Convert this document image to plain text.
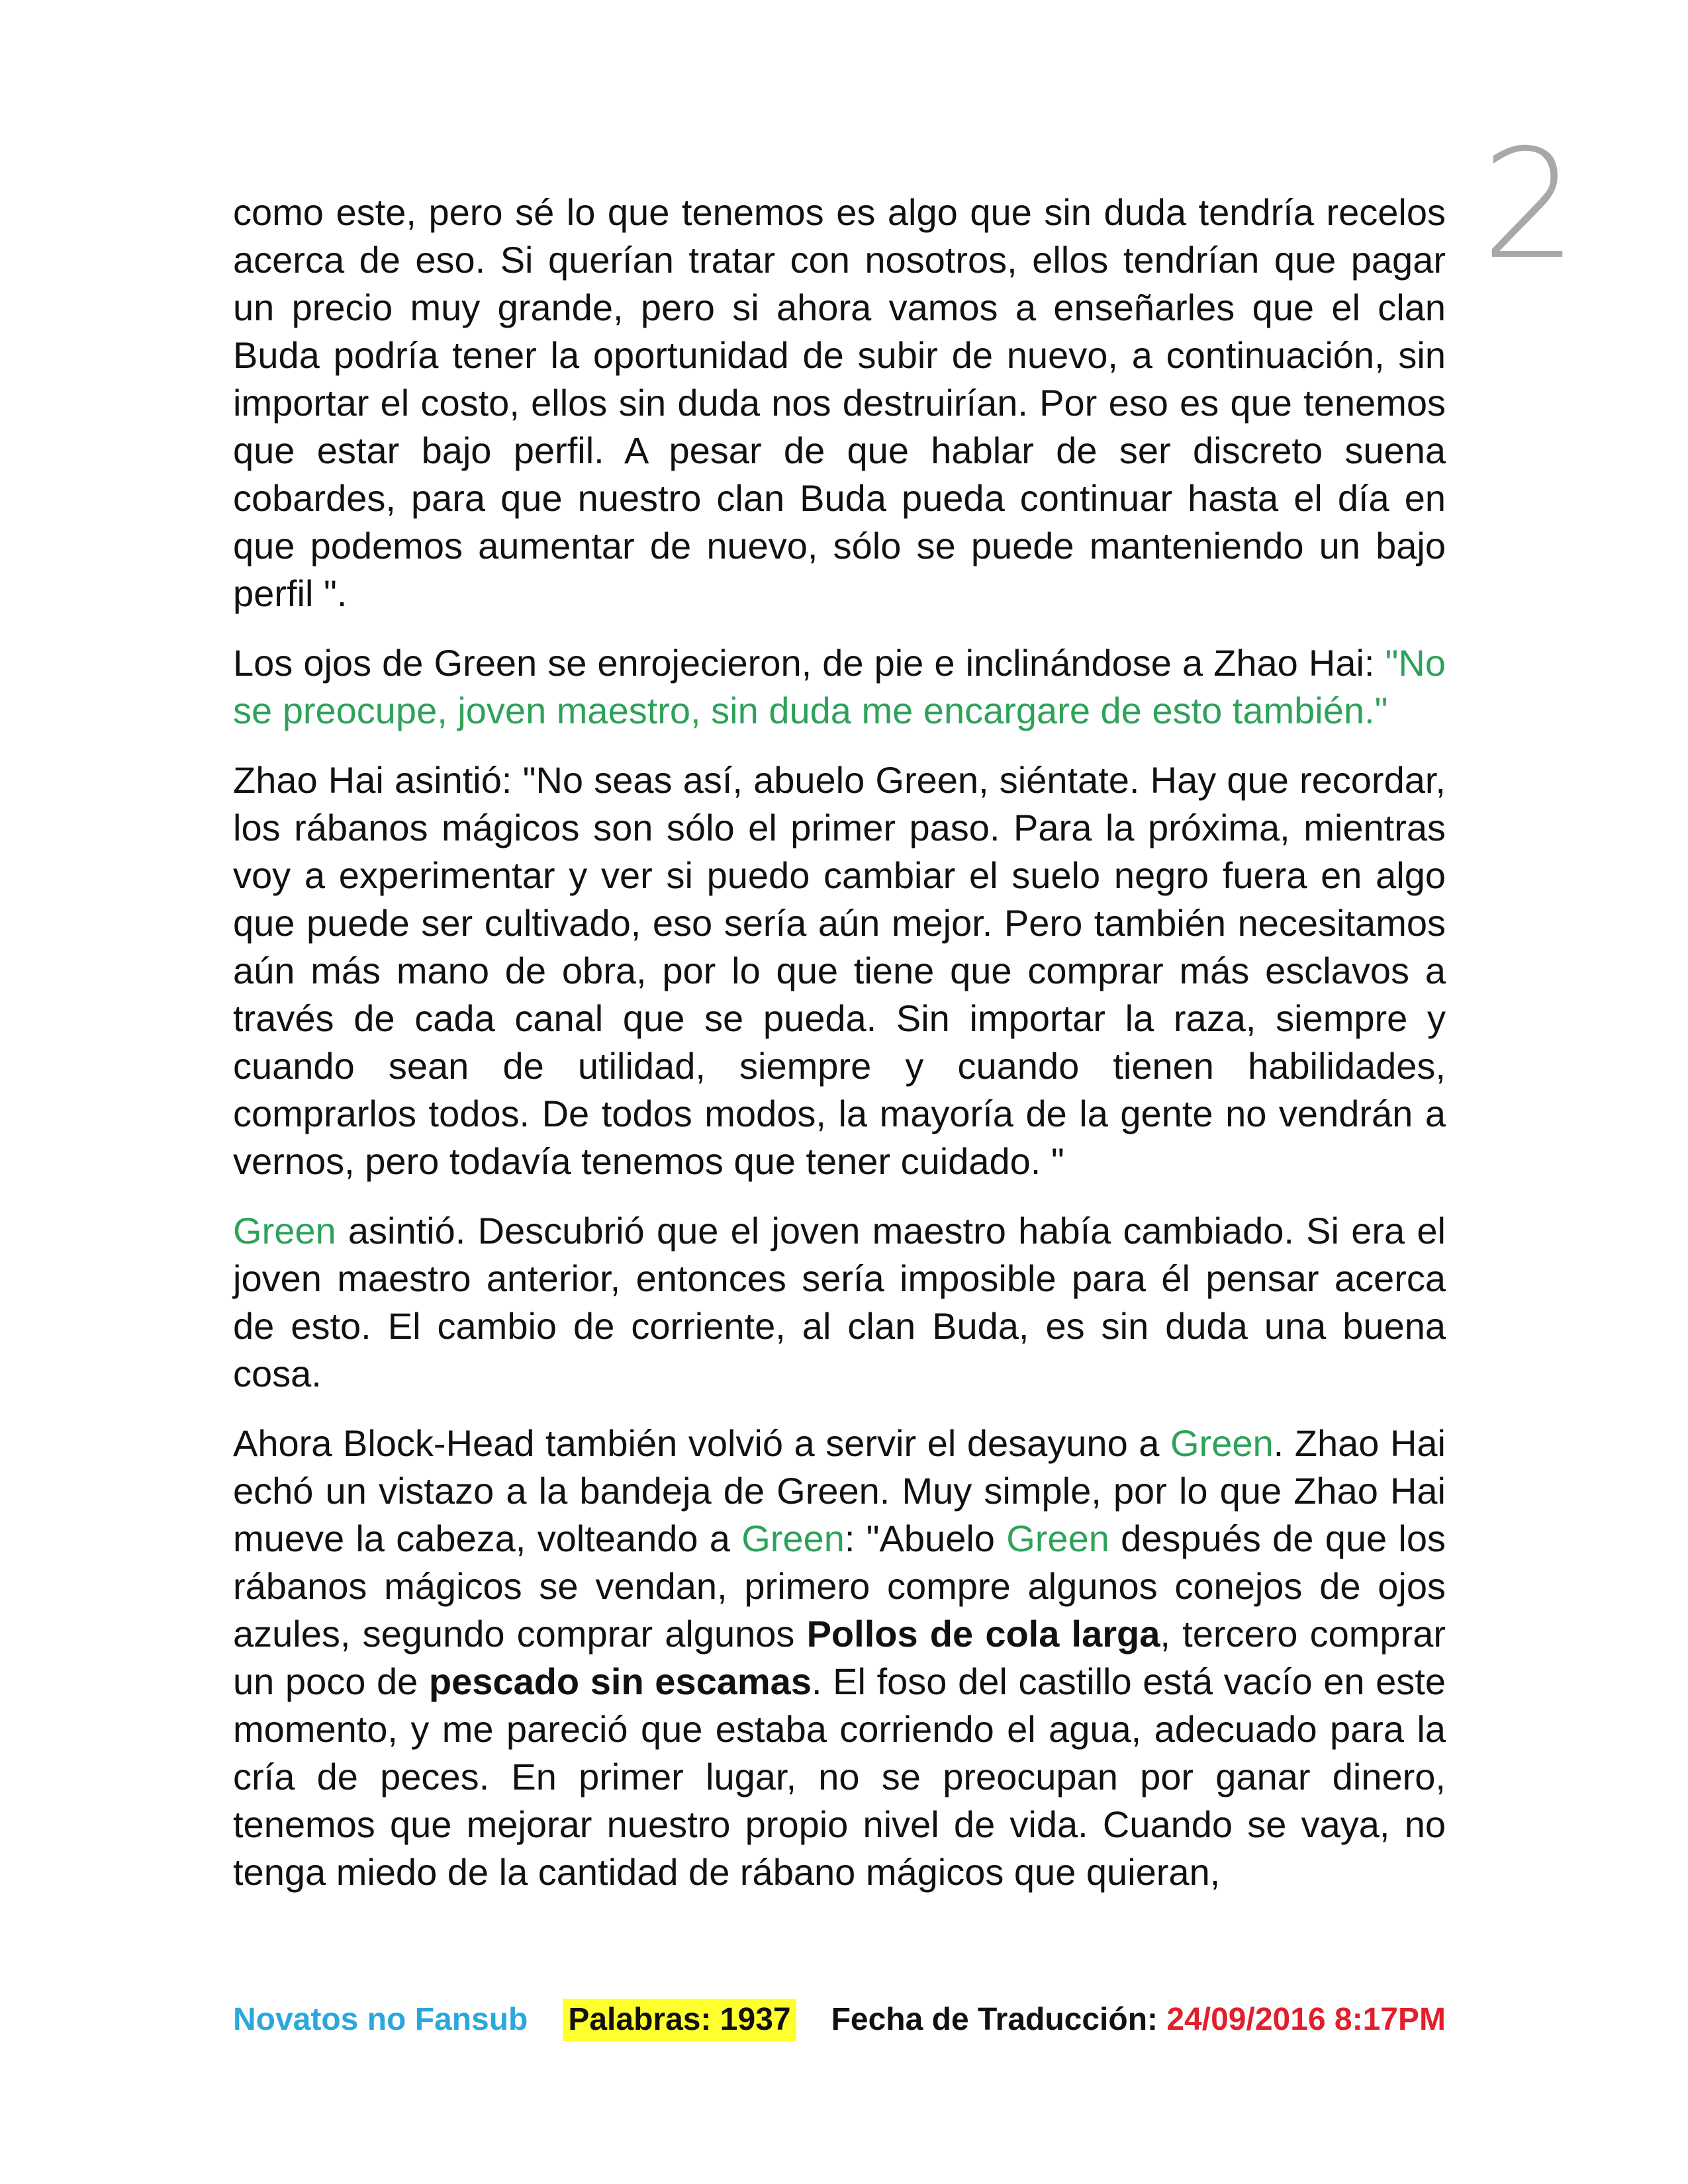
2

como este, pero sé lo que tenemos es algo que sin duda tendría recelos acerca de eso. Si querían tratar con nosotros, ellos tendrían que pagar un precio muy grande, pero si ahora vamos a enseñarles que el clan Buda podría tener la oportunidad de subir de nuevo, a continuación, sin importar el costo, ellos sin duda nos destruirían. Por eso es que tenemos que estar bajo perfil. A pesar de que hablar de ser discreto suena cobardes, para que nuestro clan Buda pueda continuar hasta el día en que podemos aumentar de nuevo, sólo se puede manteniendo un bajo perfil ".

Los ojos de Green se enrojecieron, de pie e inclinándose a Zhao Hai: "No se preocupe, joven maestro, sin duda me encargare de esto también."

Zhao Hai asintió: "No seas así, abuelo Green, siéntate. Hay que recordar, los rábanos mágicos son sólo el primer paso. Para la próxima, mientras voy a experimentar y ver si puedo cambiar el suelo negro fuera en algo que puede ser cultivado, eso sería aún mejor. Pero también necesitamos aún más mano de obra, por lo que tiene que comprar más esclavos a través de cada canal que se pueda. Sin importar la raza, siempre y cuando sean de utilidad, siempre y cuando tienen habilidades, comprarlos todos. De todos modos, la mayoría de la gente no vendrán a vernos, pero todavía tenemos que tener cuidado. "

Green asintió. Descubrió que el joven maestro había cambiado. Si era el joven maestro anterior, entonces sería imposible para él pensar acerca de esto. El cambio de corriente, al clan Buda, es sin duda una buena cosa.

Ahora Block-Head también volvió a servir el desayuno a Green. Zhao Hai echó un vistazo a la bandeja de Green. Muy simple, por lo que Zhao Hai mueve la cabeza, volteando a Green: "Abuelo Green después de que los rábanos mágicos se vendan, primero compre algunos conejos de ojos azules, segundo comprar algunos Pollos de cola larga, tercero comprar un poco de pescado sin escamas. El foso del castillo está vacío en este momento, y me pareció que estaba corriendo el agua, adecuado para la cría de peces. En primer lugar, no se preocupan por ganar dinero, tenemos que mejorar nuestro propio nivel de vida. Cuando se vaya, no tenga miedo de la cantidad de rábano mágicos que quieran,

Novatos no Fansub Palabras: 1937 Fecha de Traducción: 24/09/2016 8:17PM
